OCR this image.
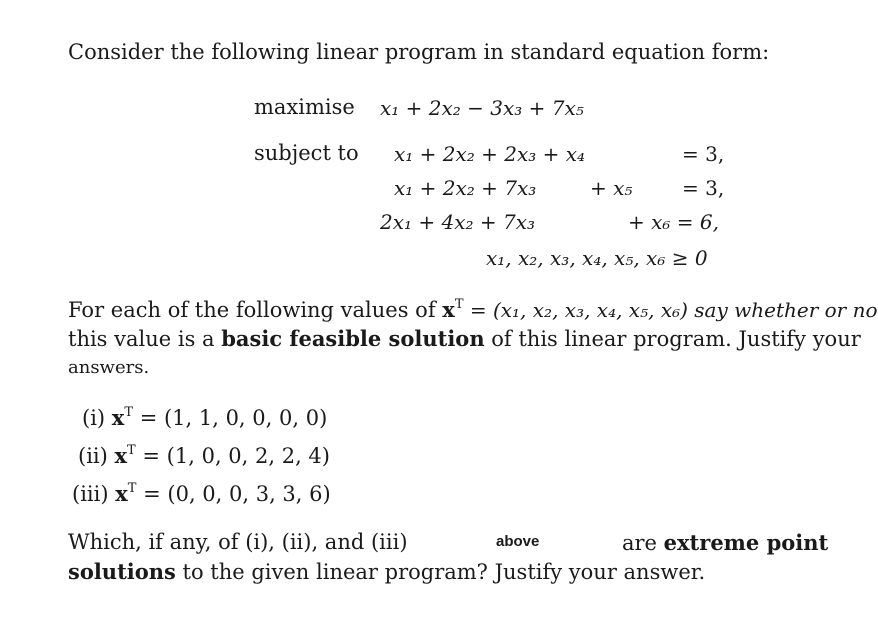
Consider the following linear program in standard equation form:
maximise x₁ + 2x₂ − 3x₃ + 7x₅
subject to x₁ + 2x₂ + 2x₃ + x₄	= 3,
x₁ + 2x₂ + 7x₃	+ x₅ = 3,
2x₁ + 4x₂ + 7x₃	+ x₆ = 6,
x₁, x₂, x₃, x₄, x₅, x₆ ≥ 0
For each of the following values of $x^T = (x_1$, x₂, x₃, x₄, x₅, x₆) say whether or no
this value is a basic feasible solution of this linear program. Justify your
answers.
(i) $x^T = (1$, 1, 0, 0, 0, 0)
(ii) $x^T = (1$, 0, 0, 2, 2, 4)
(iii) $x^T = (0$, 0, 0, 3, 3, 6)
Which, if any, of (i), (ii), and (iii)	above	are extreme point
solutions to the given linear program? Justify your answer.
